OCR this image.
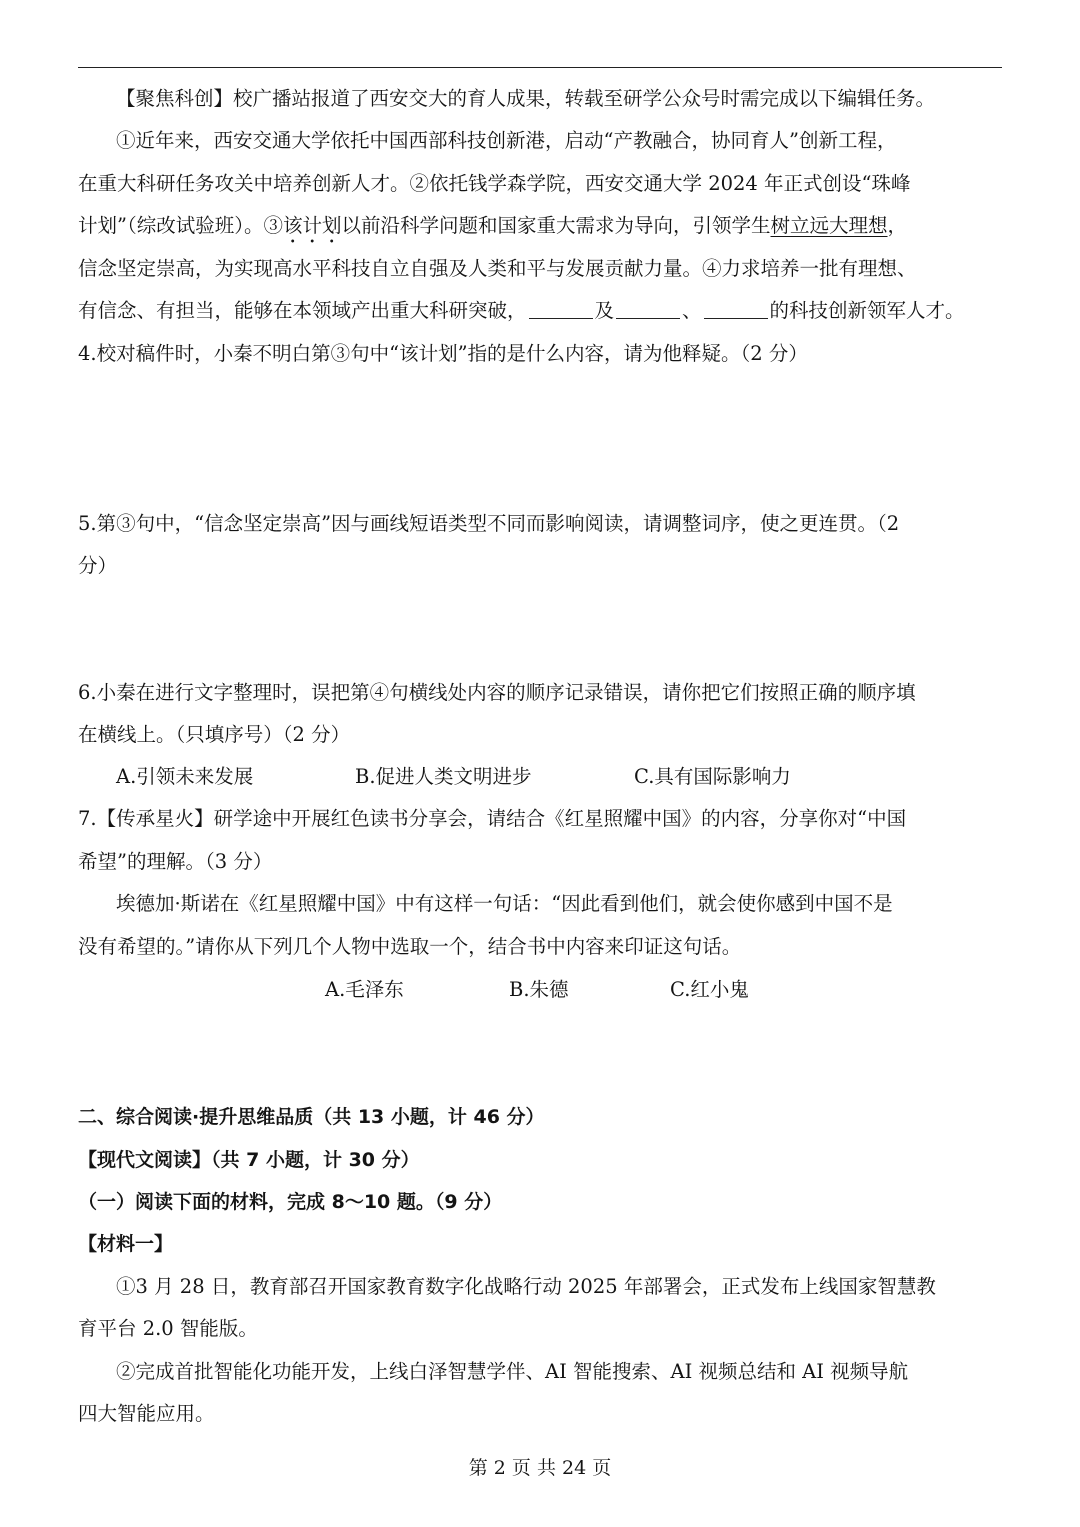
【聚焦科创】校广播站报道了西安交大的育人成果，转载至研学公众号时需完成以下编辑任务。
①近年来，西安交通大学依托中国西部科技创新港，启动“产教融合，协同育人”创新工程，
在重大科研任务攻关中培养创新人才。②依托钱学森学院，西安交通大学 2024 年正式创设“珠峰
计划”（综改试验班）。③该计划以前沿科学问题和国家重大需求为导向，引领学生树立远大理想，
信念坚定崇高，为实现高水平科技自立自强及人类和平与发展贡献力量。④力求培养一批有理想、
有信念、有担当，能够在本领域产出重大科研突破，	及	、	的科技创新领军人才。
4.校对稿件时，小秦不明白第③句中“该计划”指的是什么内容，请为他释疑。（2 分）
5.第③句中，“信念坚定崇高”因与画线短语类型不同而影响阅读，请调整词序，使之更连贯。（2
分）
6.小秦在进行文字整理时，误把第④句横线处内容的顺序记录错误，请你把它们按照正确的顺序填
在横线上。（只填序号）（2 分）
A.引领未来发展	B.促进人类文明进步	C.具有国际影响力
7.【传承星火】研学途中开展红色读书分享会，请结合《红星照耀中国》的内容，分享你对“中国
希望”的理解。（3 分）
埃德加·斯诺在《红星照耀中国》中有这样一句话：“因此看到他们，就会使你感到中国不是
没有希望的。”请你从下列几个人物中选取一个，结合书中内容来印证这句话。
A.毛泽东	B.朱德	C.红小鬼
二、综合阅读·提升思维品质（共 13 小题，计 46 分）
【现代文阅读】（共 7 小题，计 30 分）
（一）阅读下面的材料，完成 8～10 题。（9 分）
【材料一】
①3 月 28 日，教育部召开国家教育数字化战略行动 2025 年部署会，正式发布上线国家智慧教
育平台 2.0 智能版。
②完成首批智能化功能开发，上线白泽智慧学伴、AI 智能搜索、AI 视频总结和 AI 视频导航
四大智能应用。
第 2 页 共 24 页
